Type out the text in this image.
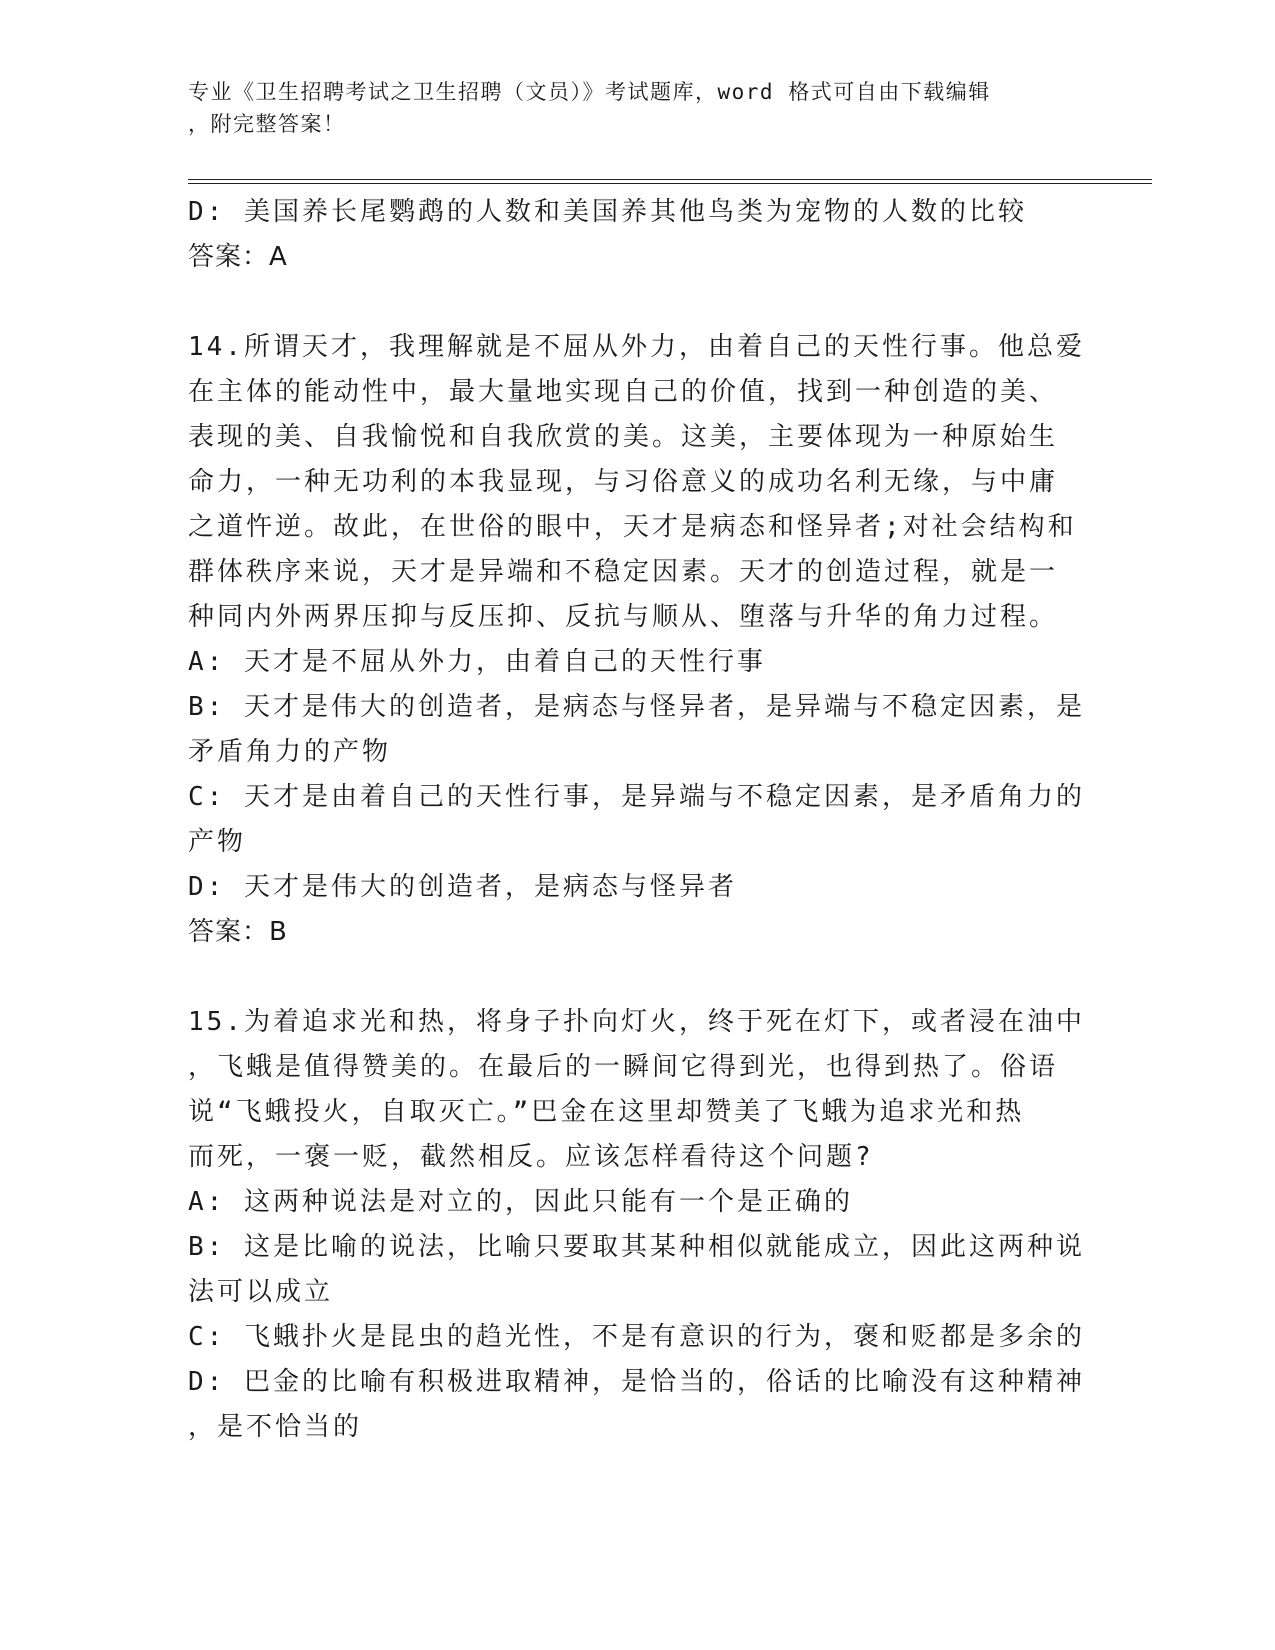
专业《卫生招聘考试之卫生招聘（文员）》考试题库，word 格式可自由下载编辑
，附完整答案！
D: 美国养长尾鹦鹉的人数和美国养其他鸟类为宠物的人数的比较
答案：A
14.所谓天才，我理解就是不屈从外力，由着自己的天性行事。他总爱
在主体的能动性中，最大量地实现自己的价值，找到一种创造的美、
表现的美、自我愉悦和自我欣赏的美。这美，主要体现为一种原始生
命力，一种无功利的本我显现，与习俗意义的成功名利无缘，与中庸
之道忤逆。故此，在世俗的眼中，天才是病态和怪异者;对社会结构和
群体秩序来说，天才是异端和不稳定因素。天才的创造过程，就是一
种同内外两界压抑与反压抑、反抗与顺从、堕落与升华的角力过程。
A: 天才是不屈从外力，由着自己的天性行事
B: 天才是伟大的创造者，是病态与怪异者，是异端与不稳定因素，是
矛盾角力的产物
C: 天才是由着自己的天性行事，是异端与不稳定因素，是矛盾角力的
产物
D: 天才是伟大的创造者，是病态与怪异者
答案：B
15.为着追求光和热，将身子扑向灯火，终于死在灯下，或者浸在油中
，飞蛾是值得赞美的。在最后的一瞬间它得到光，也得到热了。俗语
说“飞蛾投火，自取灭亡。”巴金在这里却赞美了飞蛾为追求光和热
而死，一褒一贬，截然相反。应该怎样看待这个问题?
A: 这两种说法是对立的，因此只能有一个是正确的
B: 这是比喻的说法，比喻只要取其某种相似就能成立，因此这两种说
法可以成立
C: 飞蛾扑火是昆虫的趋光性，不是有意识的行为，褒和贬都是多余的
D: 巴金的比喻有积极进取精神，是恰当的，俗话的比喻没有这种精神
，是不恰当的
